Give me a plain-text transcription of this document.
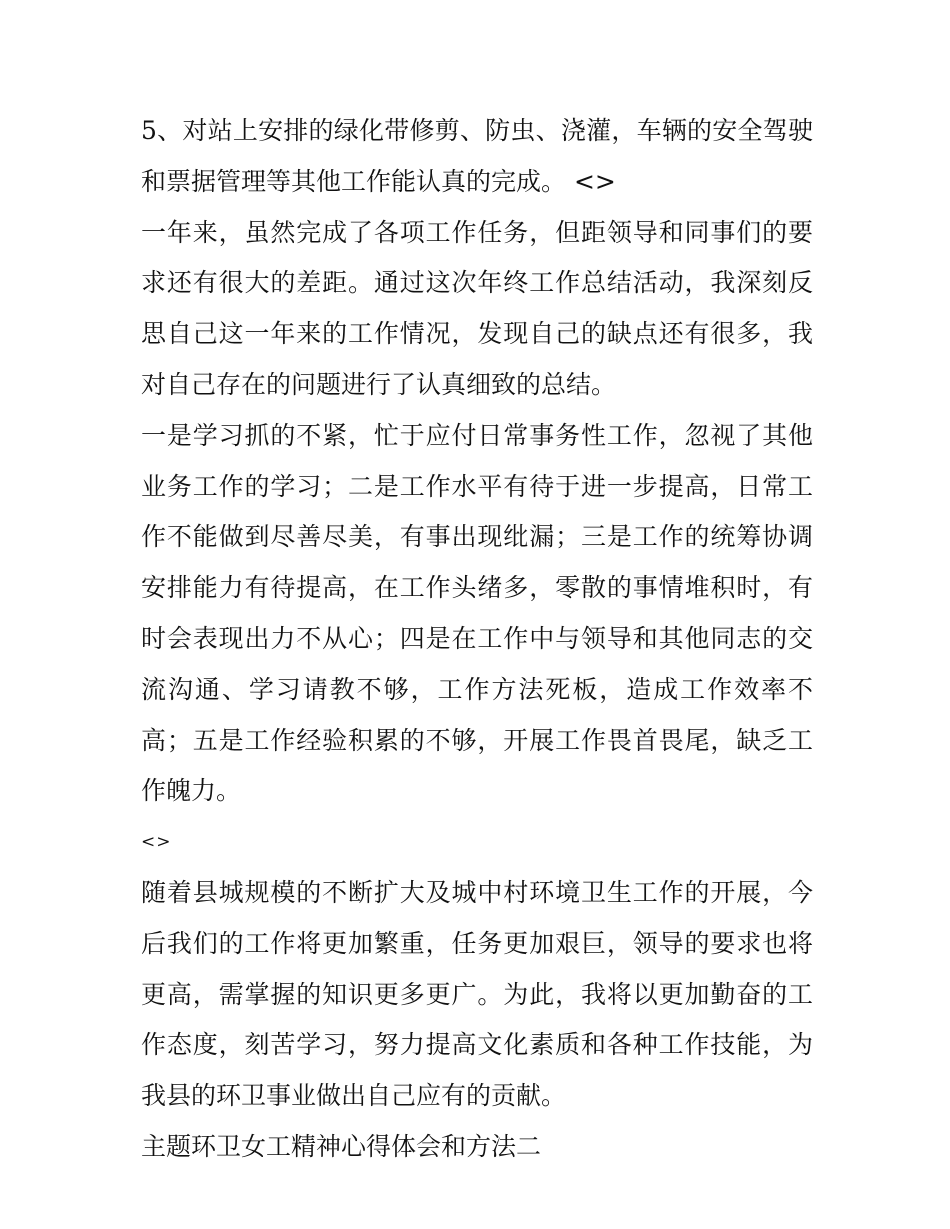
5、对站上安排的绿化带修剪、防虫、浇灌，车辆的安全驾驶和票据管理等其他工作能认真的完成。 <>

一年来，虽然完成了各项工作任务，但距领导和同事们的要求还有很大的差距。通过这次年终工作总结活动，我深刻反思自己这一年来的工作情况，发现自己的缺点还有很多，我对自己存在的问题进行了认真细致的总结。

一是学习抓的不紧，忙于应付日常事务性工作，忽视了其他业务工作的学习；二是工作水平有待于进一步提高，日常工作不能做到尽善尽美，有事出现纰漏；三是工作的统筹协调安排能力有待提高，在工作头绪多，零散的事情堆积时，有时会表现出力不从心；四是在工作中与领导和其他同志的交流沟通、学习请教不够，工作方法死板，造成工作效率不高；五是工作经验积累的不够，开展工作畏首畏尾，缺乏工作魄力。

<>

随着县城规模的不断扩大及城中村环境卫生工作的开展，今后我们的工作将更加繁重，任务更加艰巨，领导的要求也将更高，需掌握的知识更多更广。为此，我将以更加勤奋的工作态度，刻苦学习，努力提高文化素质和各种工作技能，为我县的环卫事业做出自己应有的贡献。

主题环卫女工精神心得体会和方法二
